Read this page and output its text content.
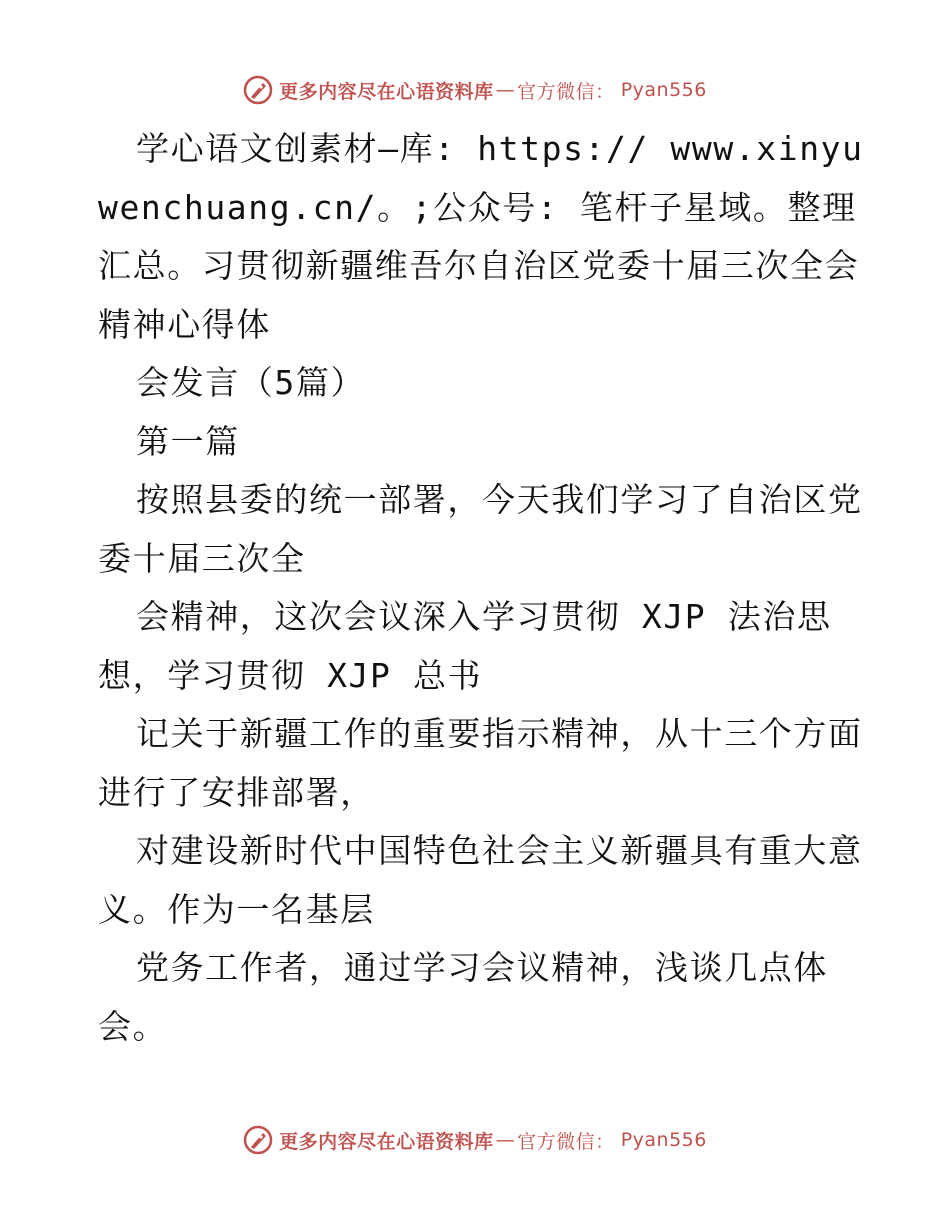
更多内容尽在心语资料库 — 官方微信： Pyan556

学心语文创素材—库: https:// www.xinyuwenchuang.cn/。;公众号: 笔杆子星域。整理汇总。习贯彻新疆维吾尔自治区党委十届三次全会精神心得体

会发言（5篇）

第一篇

按照县委的统一部署，今天我们学习了自治区党委十届三次全

会精神，这次会议深入学习贯彻 XJP 法治思想，学习贯彻 XJP 总书

记关于新疆工作的重要指示精神，从十三个方面进行了安排部署，

对建设新时代中国特色社会主义新疆具有重大意义。作为一名基层

党务工作者，通过学习会议精神，浅谈几点体会。

更多内容尽在心语资料库 — 官方微信： Pyan556
